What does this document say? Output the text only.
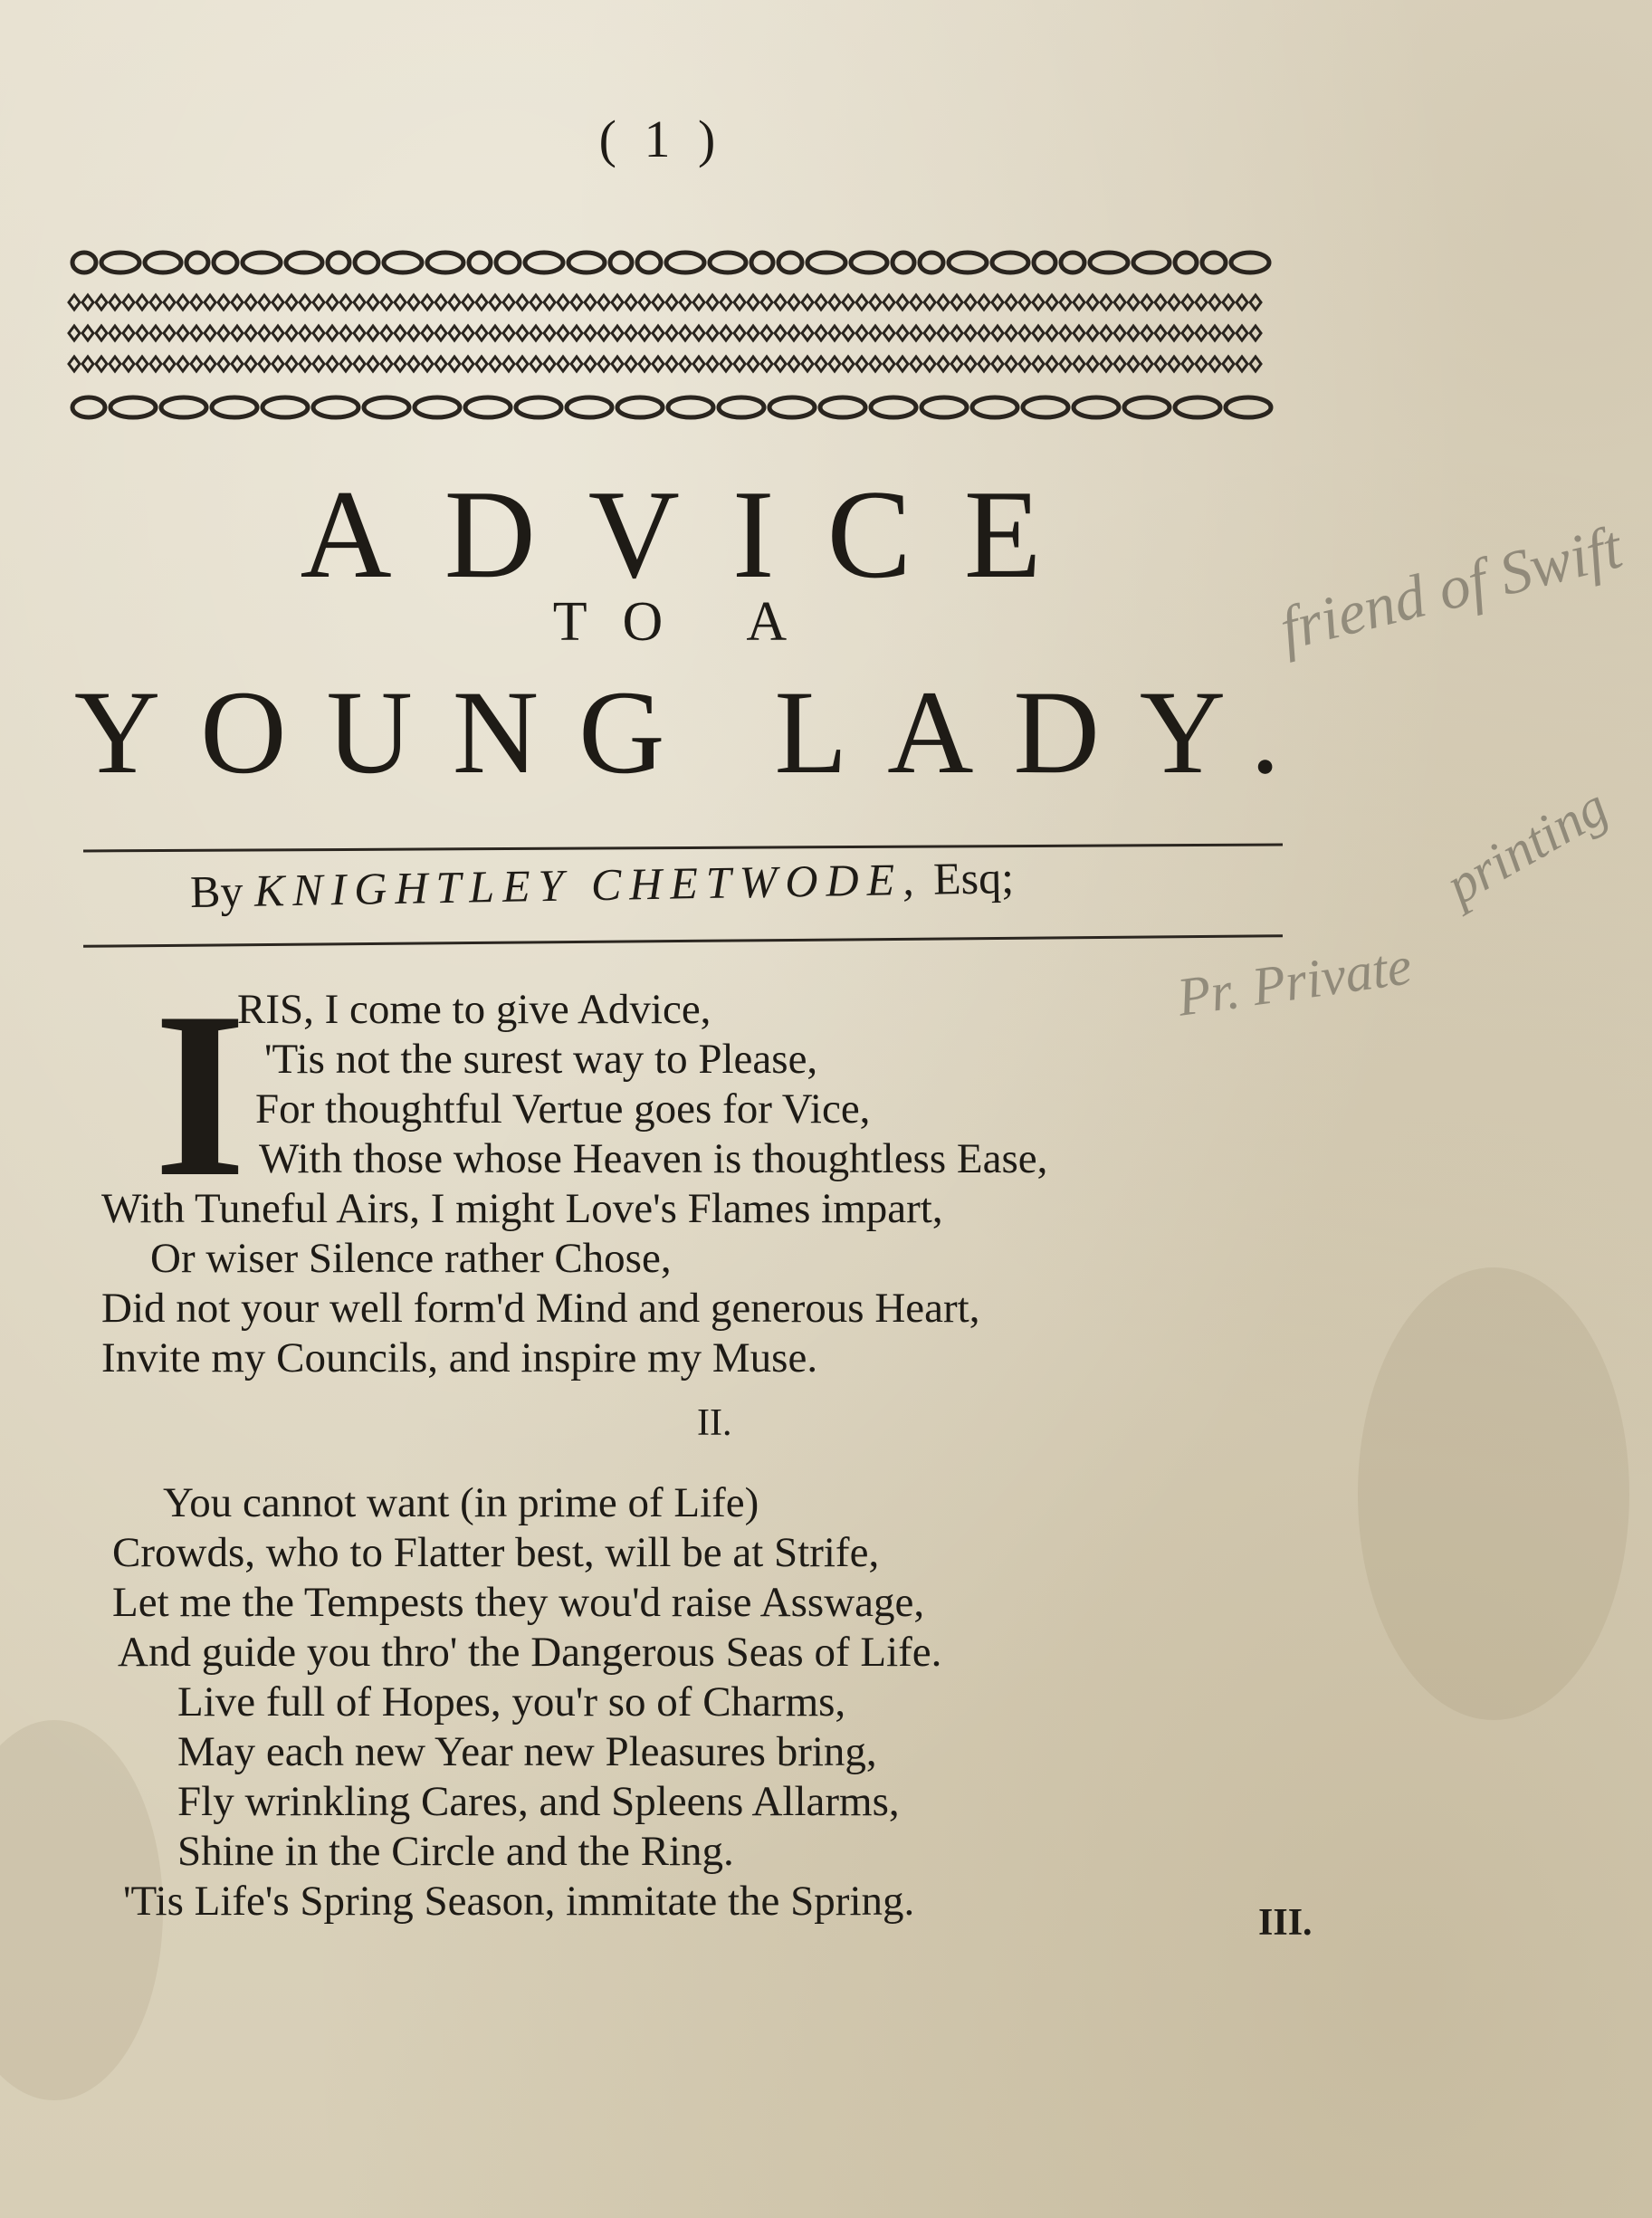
( 1 )
ADVICE
TO A
YOUNG LADY.
By KNIGHTLEY CHETWODE, Esq;
I
RIS, I come to give Advice,
'Tis not the surest way to Please,
For thoughtful Vertue goes for Vice,
With those whose Heaven is thoughtless Ease,
With Tuneful Airs, I might Love's Flames impart,
Or wiser Silence rather Chose,
Did not your well form'd Mind and generous Heart,
Invite my Councils, and inspire my Muse.
II.
You cannot want (in prime of Life)
Crowds, who to Flatter best, will be at Strife,
Let me the Tempests they wou'd raise Asswage,
And guide you thro' the Dangerous Seas of Life.
Live full of Hopes, you'r so of Charms,
May each new Year new Pleasures bring,
Fly wrinkling Cares, and Spleens Allarms,
Shine in the Circle and the Ring.
'Tis Life's Spring Season, immitate the Spring.	III.
friend of Swift
printing
Pr. Private
